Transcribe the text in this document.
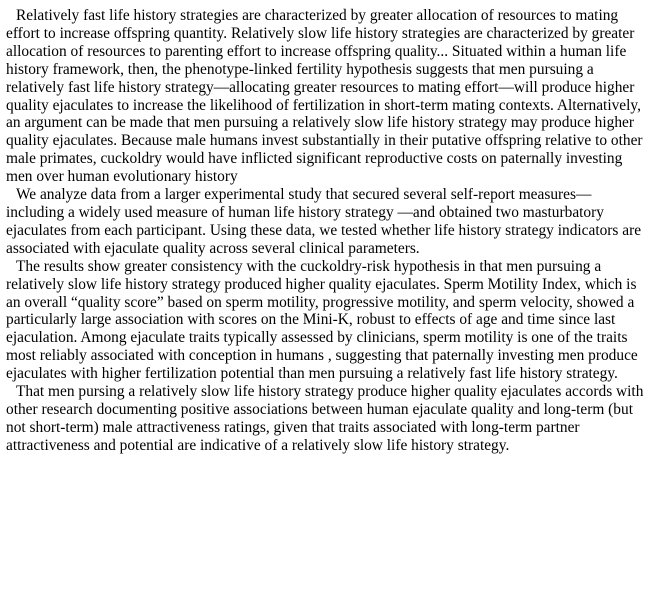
Relatively fast life history strategies are characterized by greater allocation of resources to mating effort to increase offspring quantity. Relatively slow life history strategies are characterized by greater allocation of resources to parenting effort to increase offspring quality... Situated within a human life history framework, then, the phenotype-linked fertility hypothesis suggests that men pursuing a relatively fast life history strategy—allocating greater resources to mating effort—will produce higher quality ejaculates to increase the likelihood of fertilization in short-term mating contexts. Alternatively, an argument can be made that men pursuing a relatively slow life history strategy may produce higher quality ejaculates. Because male humans invest substantially in their putative offspring relative to other male primates, cuckoldry would have inflicted significant reproductive costs on paternally investing men over human evolutionary history

We analyze data from a larger experimental study that secured several self-report measures—including a widely used measure of human life history strategy —and obtained two masturbatory ejaculates from each participant. Using these data, we tested whether life history strategy indicators are associated with ejaculate quality across several clinical parameters.

The results show greater consistency with the cuckoldry-risk hypothesis in that men pursuing a relatively slow life history strategy produced higher quality ejaculates. Sperm Motility Index, which is an overall “quality score” based on sperm motility, progressive motility, and sperm velocity, showed a particularly large association with scores on the Mini-K, robust to effects of age and time since last ejaculation. Among ejaculate traits typically assessed by clinicians, sperm motility is one of the traits most reliably associated with conception in humans , suggesting that paternally investing men produce ejaculates with higher fertilization potential than men pursuing a relatively fast life history strategy.

That men pursing a relatively slow life history strategy produce higher quality ejaculates accords with other research documenting positive associations between human ejaculate quality and long-term (but not short-term) male attractiveness ratings, given that traits associated with long-term partner attractiveness and potential are indicative of a relatively slow life history strategy.
